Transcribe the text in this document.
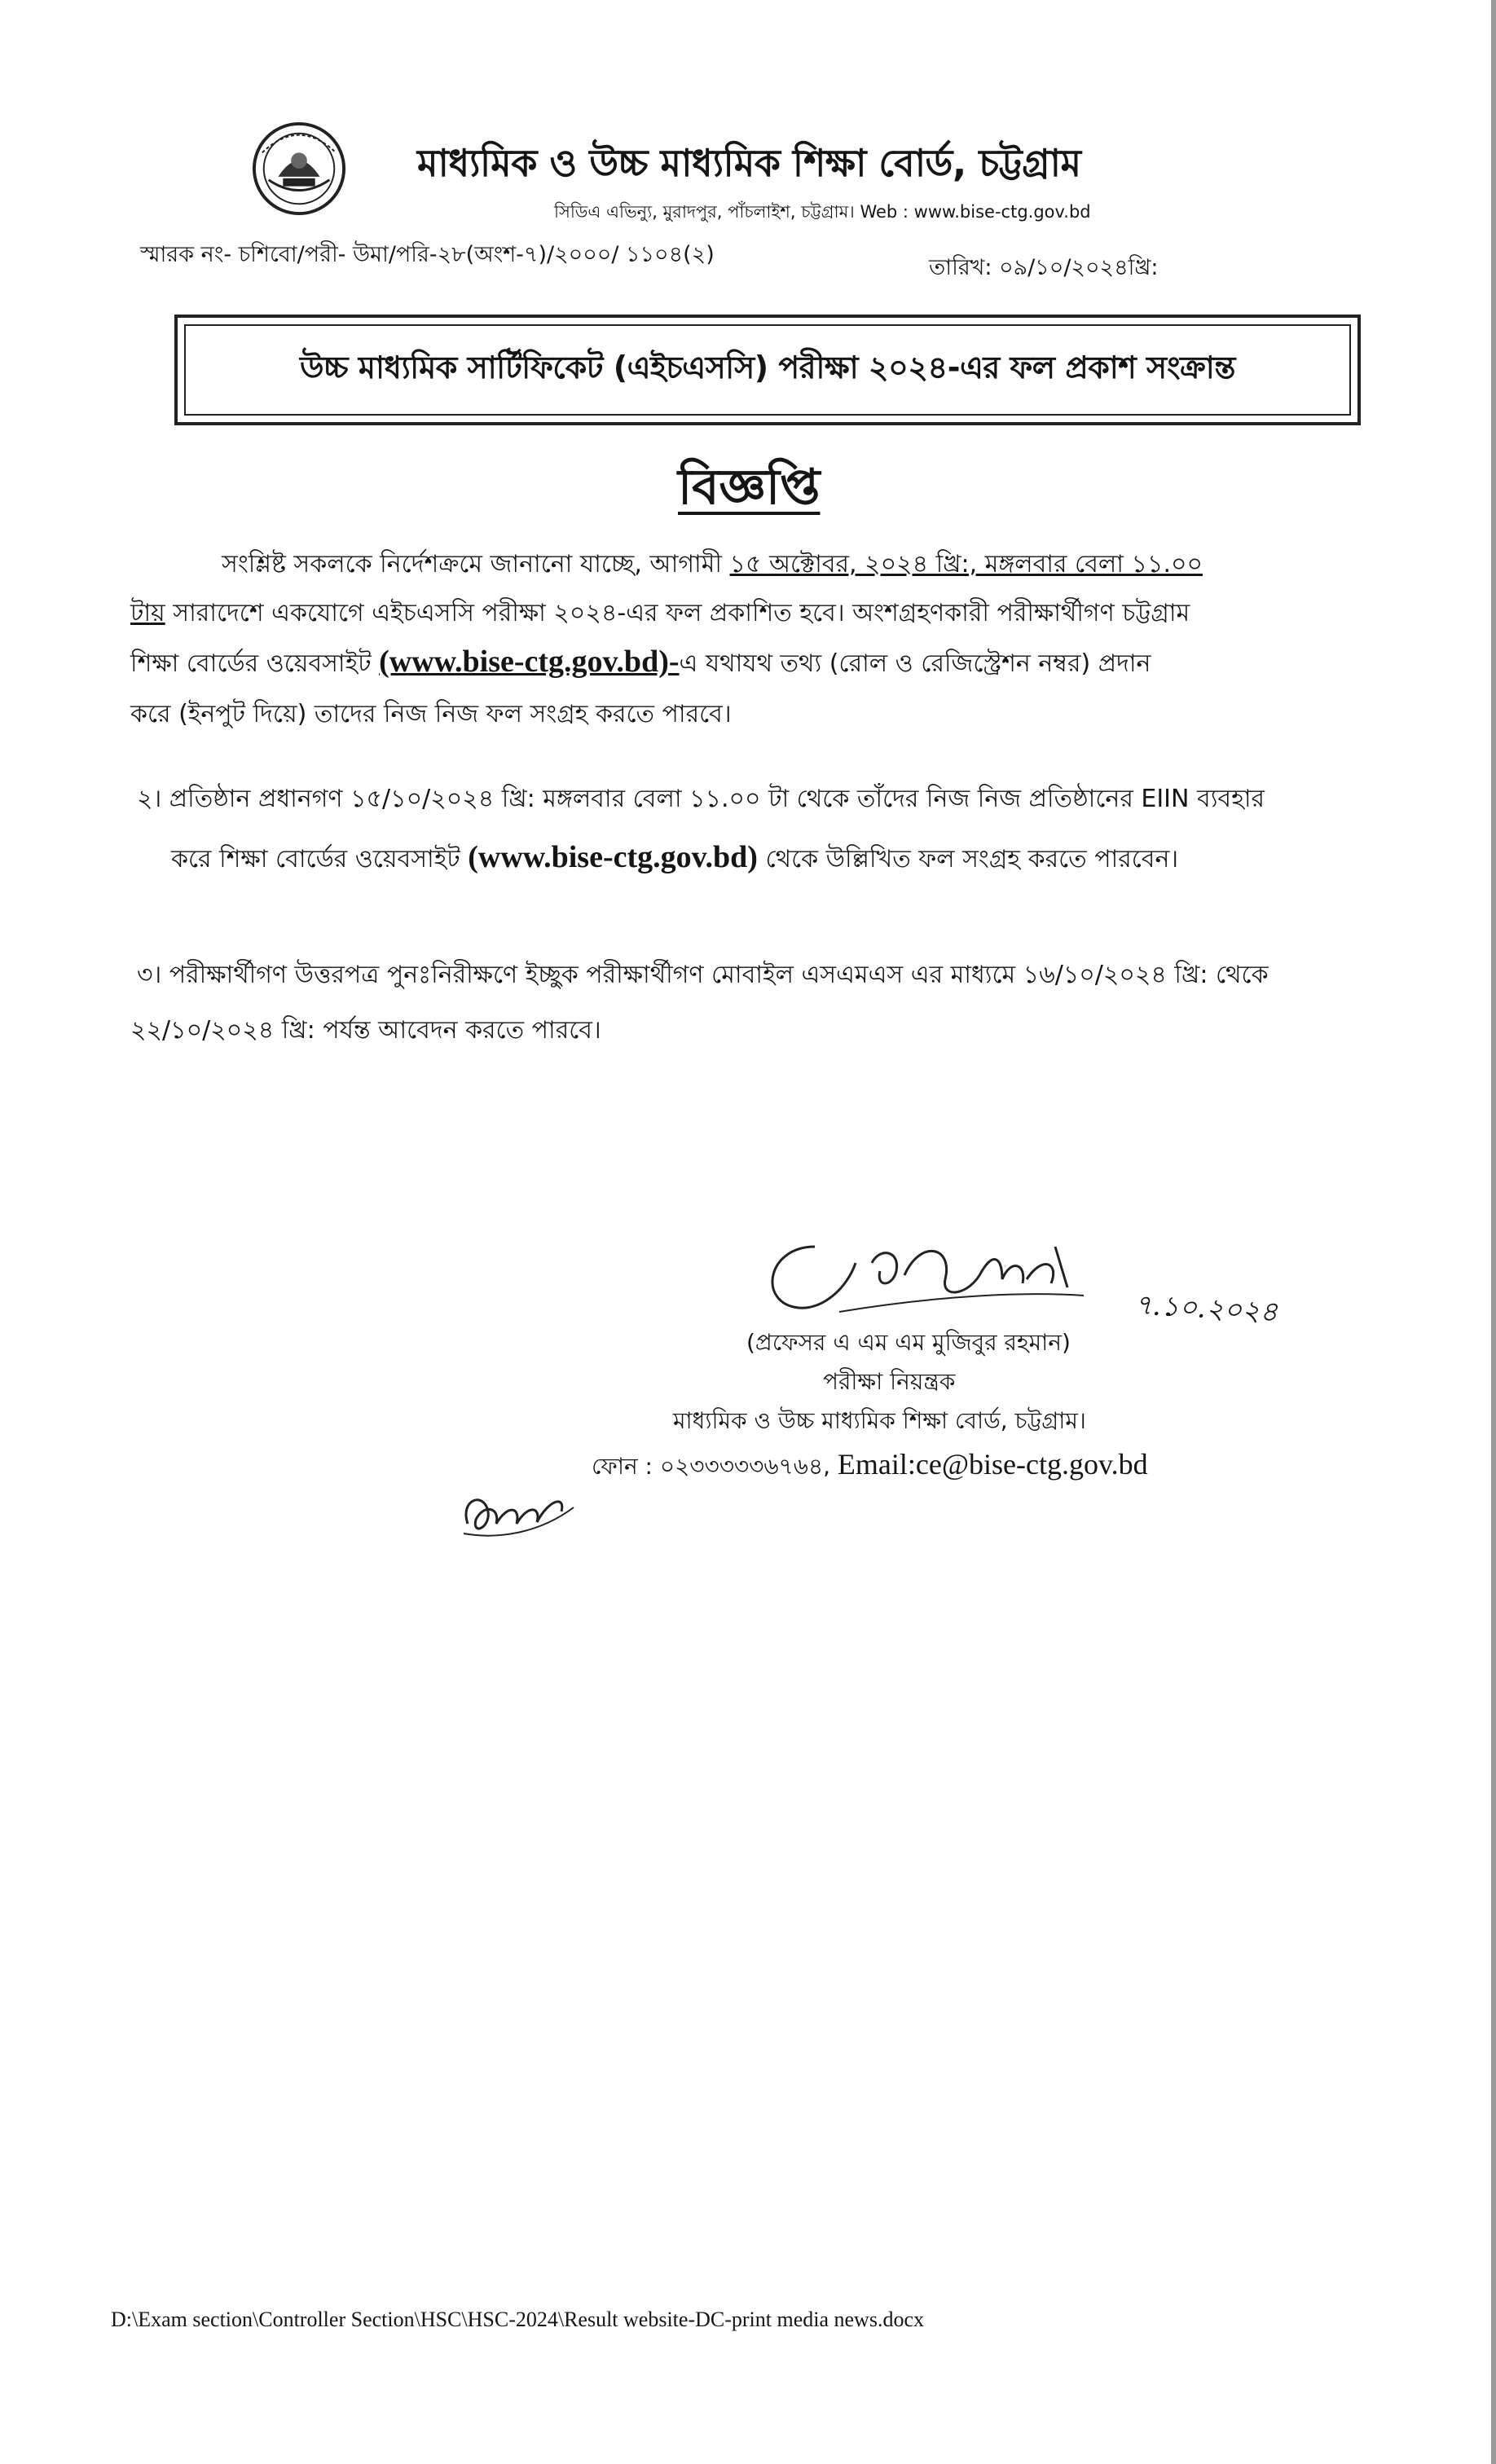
মাধ্যমিক ও উচ্চ মাধ্যমিক শিক্ষা বোর্ড, চট্টগ্রাম
সিডিএ এভিন্যু, মুরাদপুর, পাঁচলাইশ, চট্টগ্রাম। Web : www.bise-ctg.gov.bd
স্মারক নং- চশিবো/পরী- উমা/পরি-২৮(অংশ-৭)/২০০০/ ১১০৪(২)
তারিখ: ০৯/১০/২০২৪খ্রি:
উচ্চ মাধ্যমিক সার্টিফিকেট (এইচএসসি) পরীক্ষা ২০২৪-এর ফল প্রকাশ সংক্রান্ত
বিজ্ঞপ্তি
সংশ্লিষ্ট সকলকে নির্দেশক্রমে জানানো যাচ্ছে, আগামী ১৫ অক্টোবর, ২০২৪ খ্রি:, মঙ্গলবার বেলা ১১.০০
টায় সারাদেশে একযোগে এইচএসসি পরীক্ষা ২০২৪-এর ফল প্রকাশিত হবে। অংশগ্রহণকারী পরীক্ষার্থীগণ চট্টগ্রাম
শিক্ষা বোর্ডের ওয়েবসাইট (www.bise-ctg.gov.bd)-এ যথাযথ তথ্য (রোল ও রেজিস্ট্রেশন নম্বর) প্রদান
করে (ইনপুট দিয়ে) তাদের নিজ নিজ ফল সংগ্রহ করতে পারবে।
২। প্রতিষ্ঠান প্রধানগণ ১৫/১০/২০২৪ খ্রি: মঙ্গলবার বেলা ১১.০০ টা থেকে তাঁদের নিজ নিজ প্রতিষ্ঠানের EIIN ব্যবহার
করে শিক্ষা বোর্ডের ওয়েবসাইট (www.bise-ctg.gov.bd) থেকে উল্লিখিত ফল সংগ্রহ করতে পারবেন।
৩। পরীক্ষার্থীগণ উত্তরপত্র পুনঃনিরীক্ষণে ইচ্ছুক পরীক্ষার্থীগণ মোবাইল এসএমএস এর মাধ্যমে ১৬/১০/২০২৪ খ্রি: থেকে
২২/১০/২০২৪ খ্রি: পর্যন্ত আবেদন করতে পারবে।
৭.১০.২০২৪
(প্রফেসর এ এম এম মুজিবুর রহমান)
পরীক্ষা নিয়ন্ত্রক
মাধ্যমিক ও উচ্চ মাধ্যমিক শিক্ষা বোর্ড, চট্টগ্রাম।
ফোন : ০২৩৩৩৩৩৬৭৬৪, Email:ce@bise-ctg.gov.bd
D:\Exam section\Controller Section\HSC\HSC-2024\Result website-DC-print media news.docx
